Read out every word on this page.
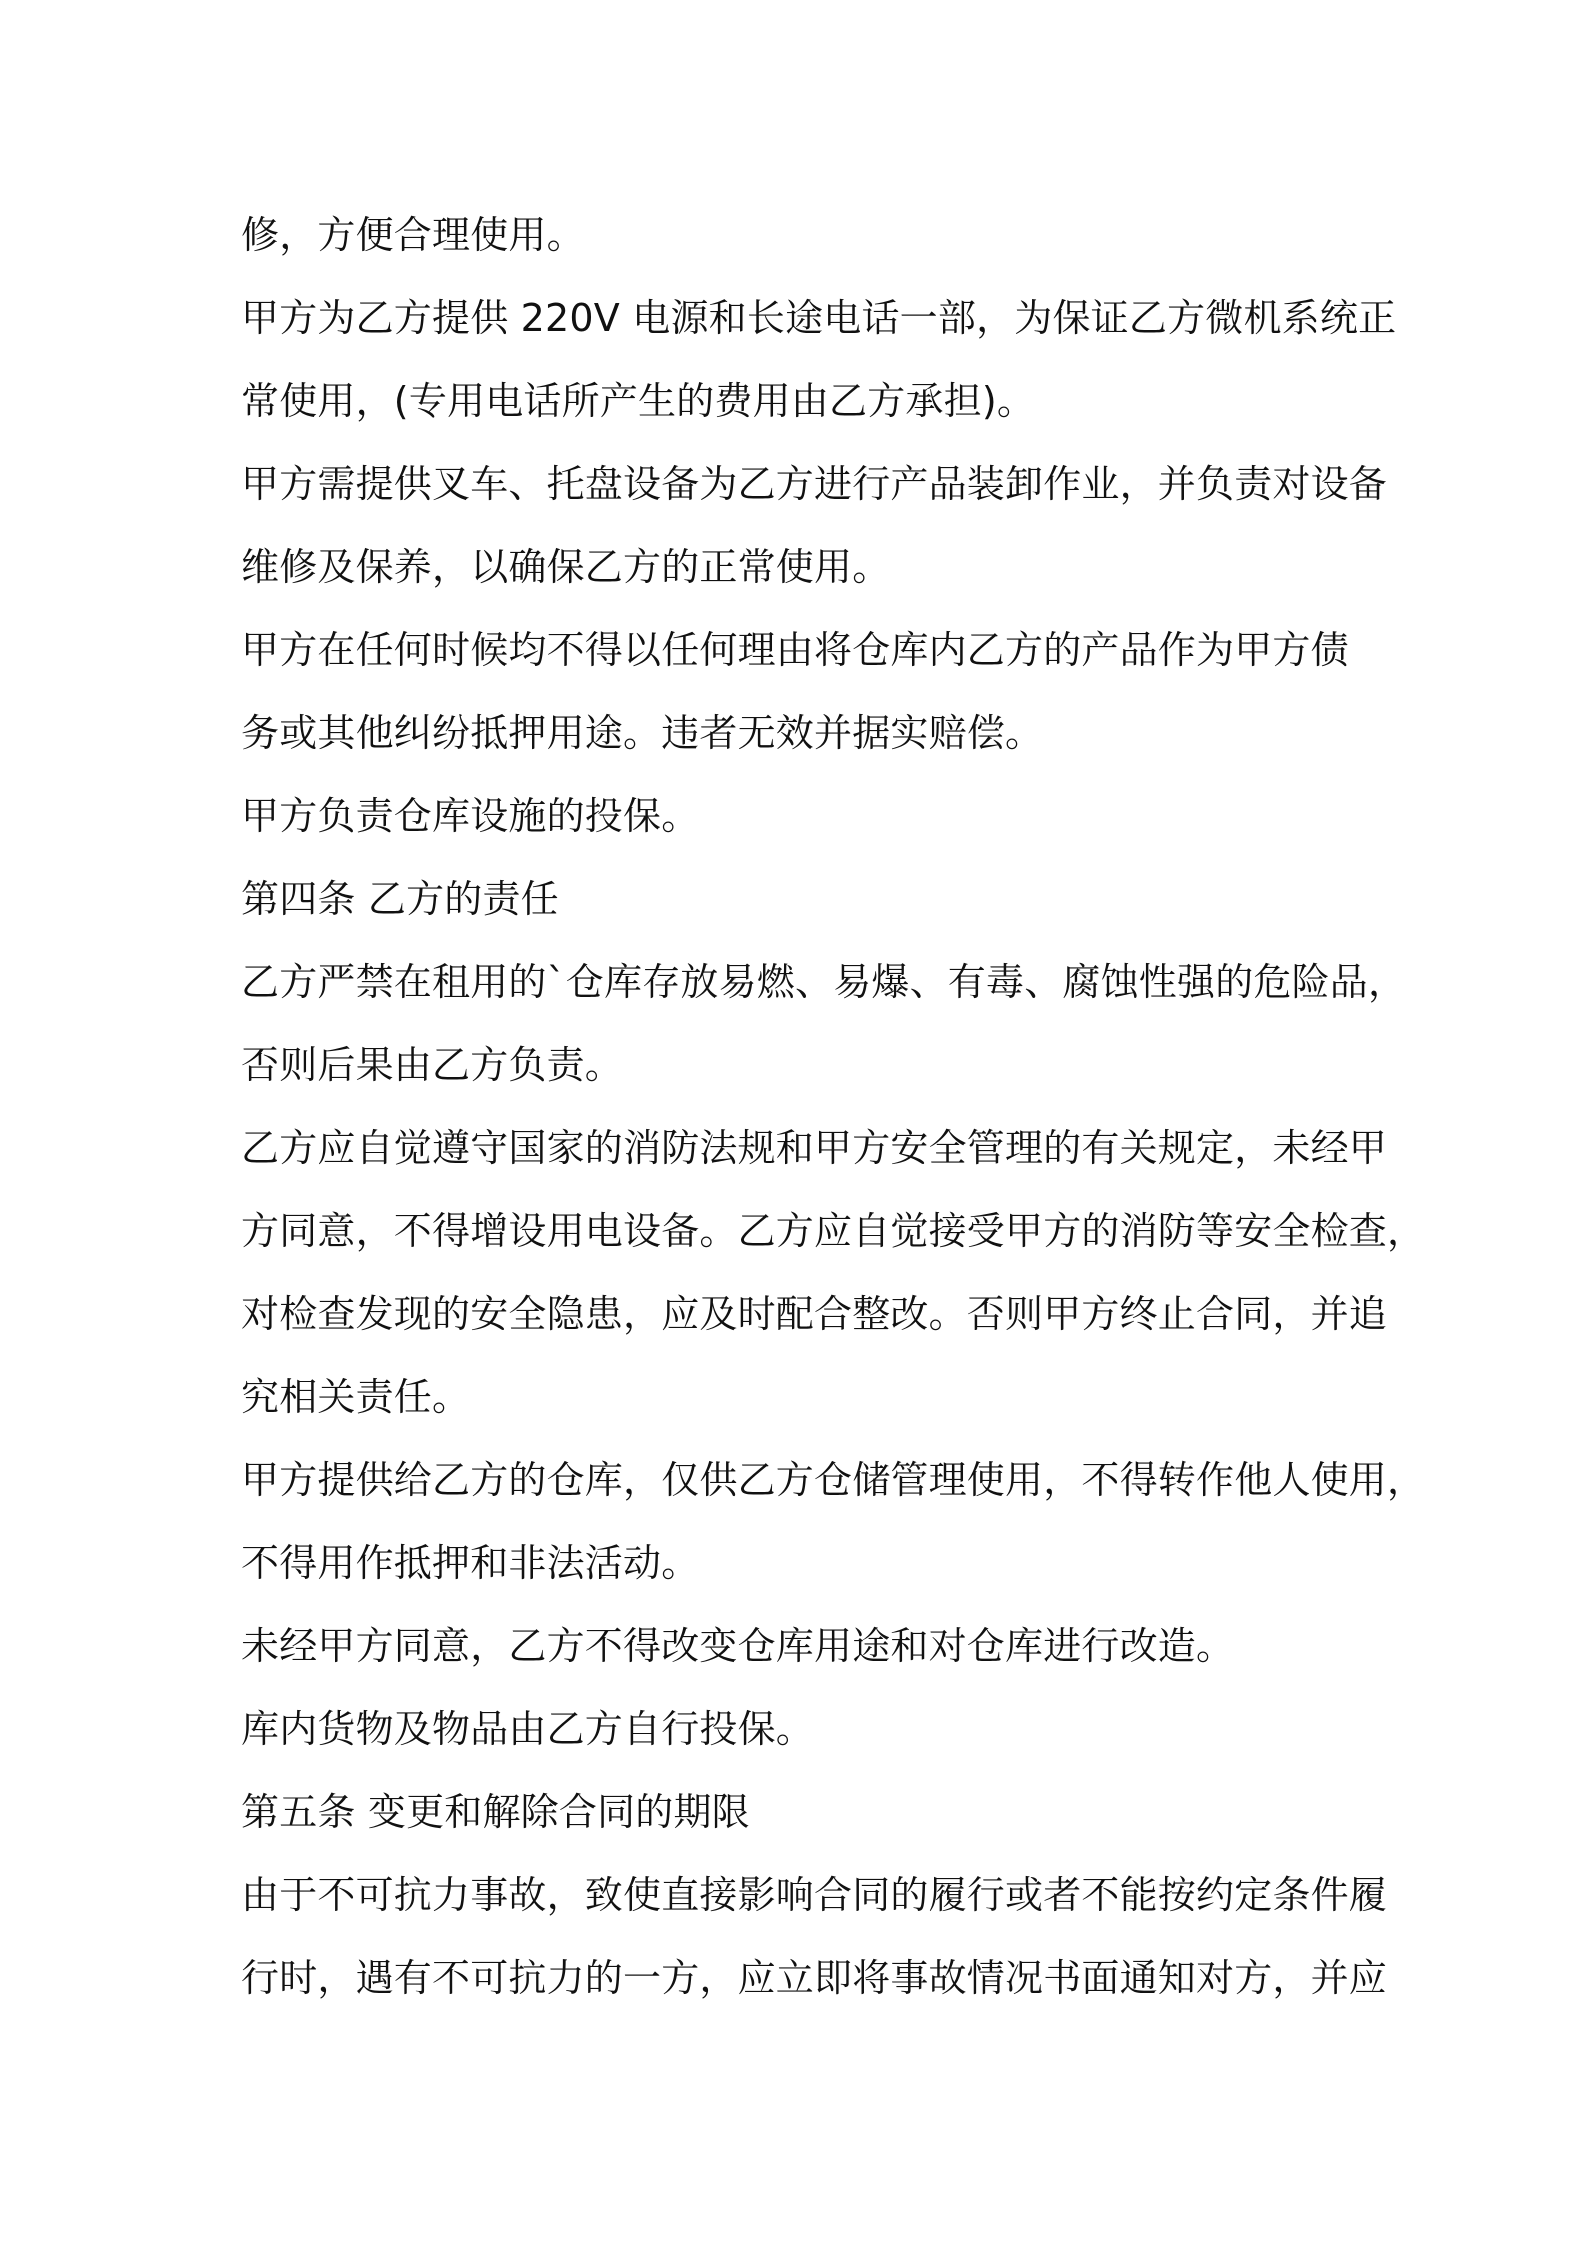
修，方便合理使用。
甲方为乙方提供 220V 电源和长途电话一部，为保证乙方微机系统正
常使用，(专用电话所产生的费用由乙方承担)。
甲方需提供叉车、托盘设备为乙方进行产品装卸作业，并负责对设备
维修及保养，以确保乙方的正常使用。
甲方在任何时候均不得以任何理由将仓库内乙方的产品作为甲方债
务或其他纠纷抵押用途。违者无效并据实赔偿。
甲方负责仓库设施的投保。
第四条 乙方的责任
乙方严禁在租用的`仓库存放易燃、易爆、有毒、腐蚀性强的危险品，
否则后果由乙方负责。
乙方应自觉遵守国家的消防法规和甲方安全管理的有关规定，未经甲
方同意，不得增设用电设备。乙方应自觉接受甲方的消防等安全检查，
对检查发现的安全隐患，应及时配合整改。否则甲方终止合同，并追
究相关责任。
甲方提供给乙方的仓库，仅供乙方仓储管理使用，不得转作他人使用，
不得用作抵押和非法活动。
未经甲方同意，乙方不得改变仓库用途和对仓库进行改造。
库内货物及物品由乙方自行投保。
第五条 变更和解除合同的期限
由于不可抗力事故，致使直接影响合同的履行或者不能按约定条件履
行时，遇有不可抗力的一方，应立即将事故情况书面通知对方，并应
